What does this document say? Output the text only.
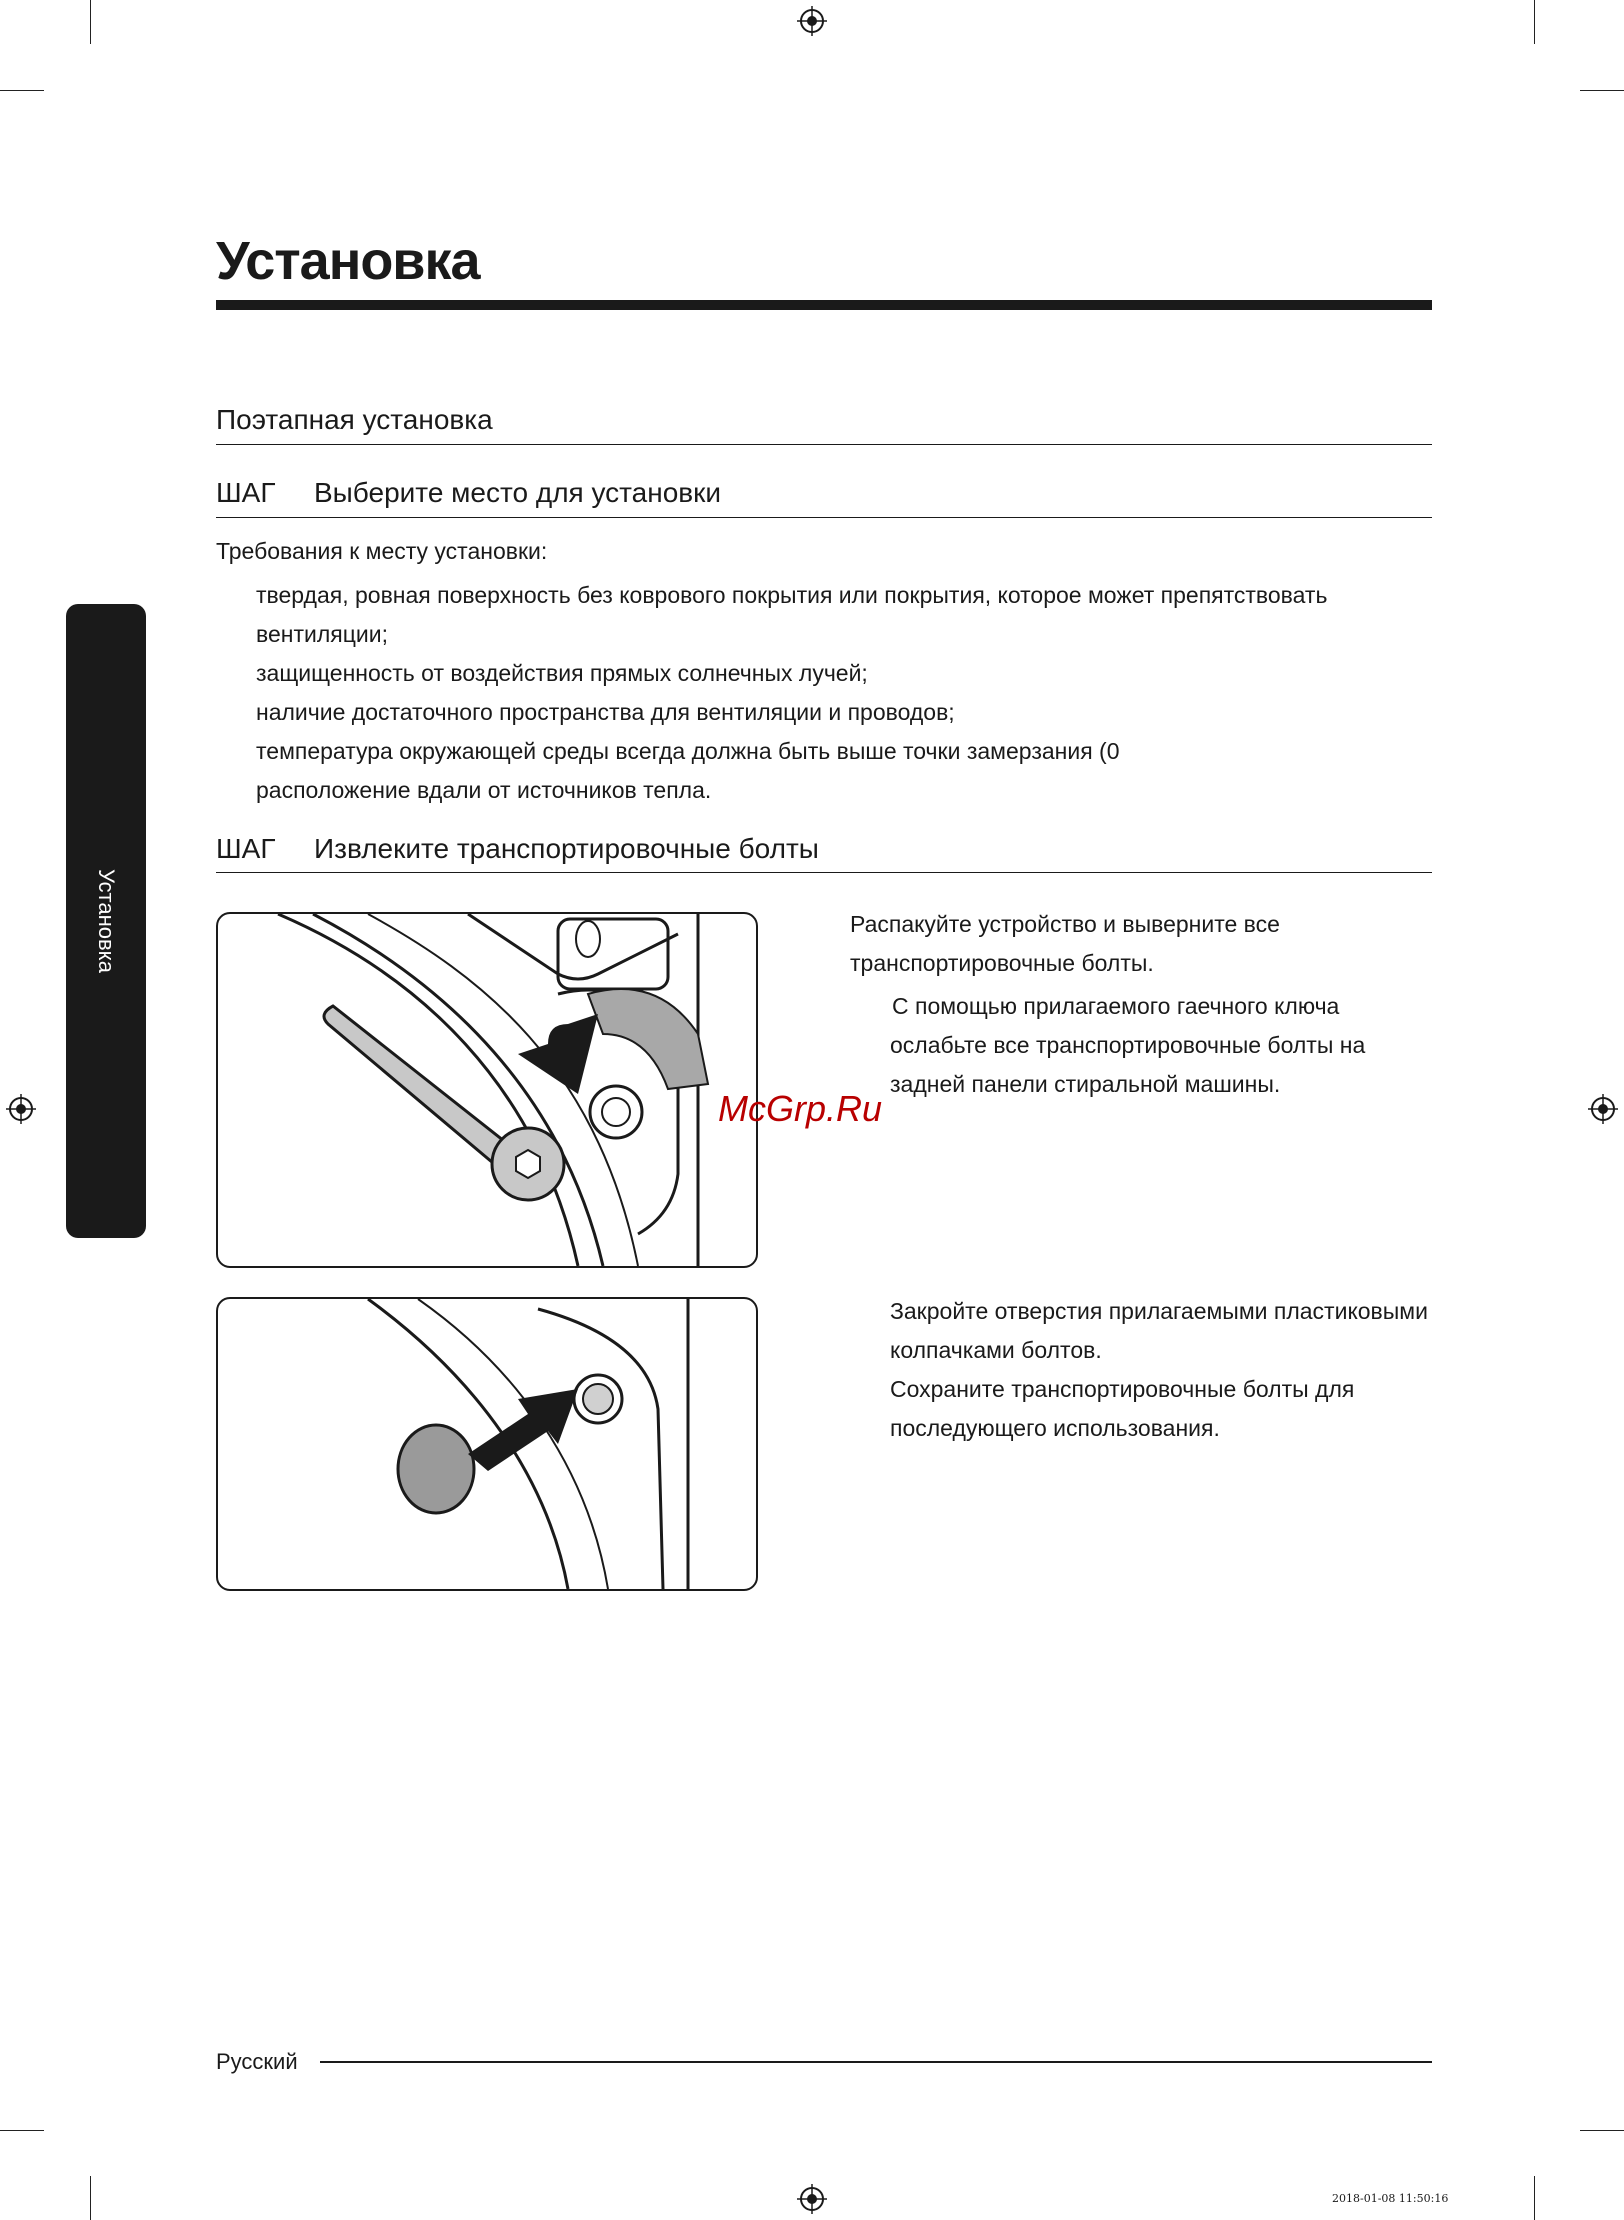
Установка
Установка
Поэтапная установка
ШАГ Выберите место для установки
Требования к месту установки:

твердая, ровная поверхность без коврового покрытия или покрытия, которое может препятствовать

вентиляции;

защищенность от воздействия прямых солнечных лучей;

наличие достаточного пространства для вентиляции и проводов;

температура окружающей среды всегда должна быть выше точки замерзания (0

расположение вдали от источников тепла.

ШАГ Извлеките транспортировочные болты
Распакуйте устройство и выверните все
транспортировочные болты.
С помощью прилагаемого гаечного ключа
ослабьте все транспортировочные болты на
задней панели стиральной машины.
Закройте отверстия прилагаемыми пластиковыми
колпачками болтов.
Сохраните транспортировочные болты для
последующего использования.
McGrp.Ru
Русский
2018-01-08 11:50:16
